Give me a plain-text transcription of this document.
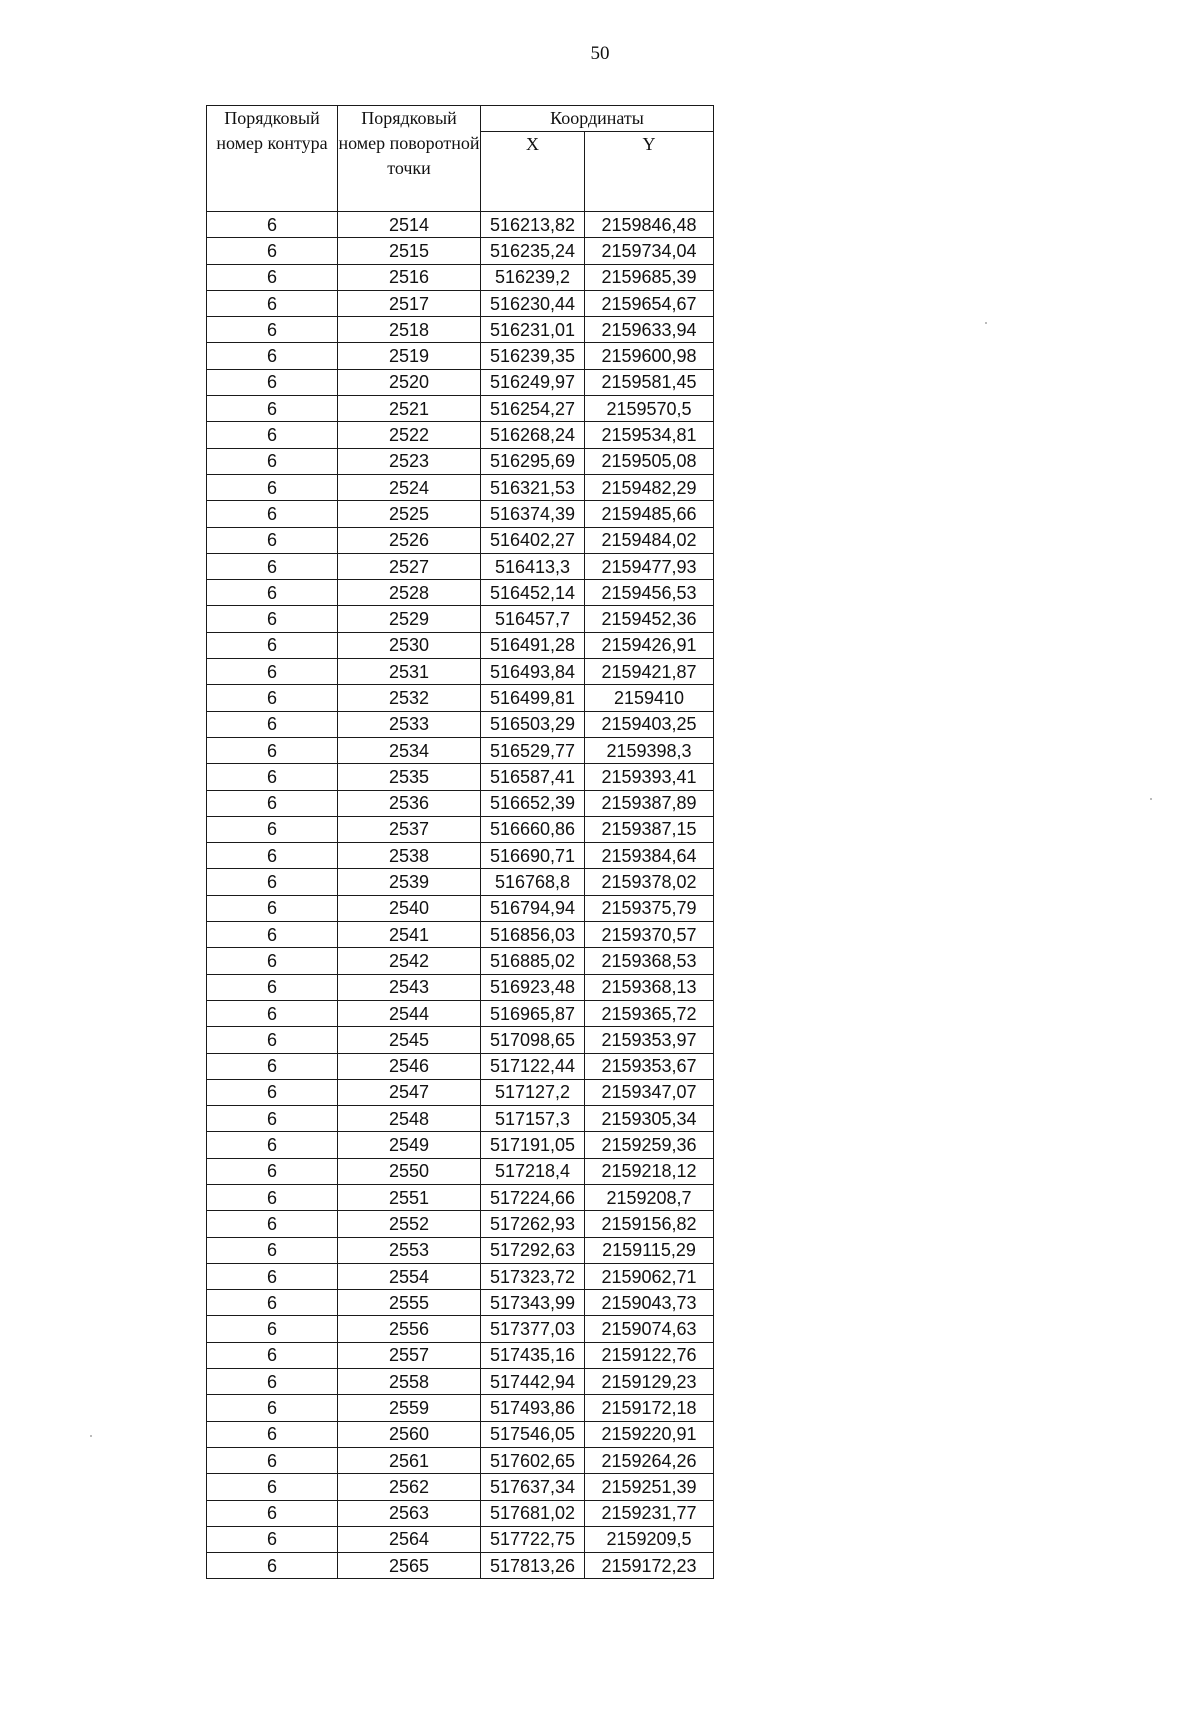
50
Порядковый номер контура	Порядковый номер поворотной точки	Координаты	
		X	Y
6	2514	516213,82	2159846,48
6	2515	516235,24	2159734,04
6	2516	516239,2	2159685,39
6	2517	516230,44	2159654,67
6	2518	516231,01	2159633,94
6	2519	516239,35	2159600,98
6	2520	516249,97	2159581,45
6	2521	516254,27	2159570,5
6	2522	516268,24	2159534,81
6	2523	516295,69	2159505,08
6	2524	516321,53	2159482,29
6	2525	516374,39	2159485,66
6	2526	516402,27	2159484,02
6	2527	516413,3	2159477,93
6	2528	516452,14	2159456,53
6	2529	516457,7	2159452,36
6	2530	516491,28	2159426,91
6	2531	516493,84	2159421,87
6	2532	516499,81	2159410
6	2533	516503,29	2159403,25
6	2534	516529,77	2159398,3
6	2535	516587,41	2159393,41
6	2536	516652,39	2159387,89
6	2537	516660,86	2159387,15
6	2538	516690,71	2159384,64
6	2539	516768,8	2159378,02
6	2540	516794,94	2159375,79
6	2541	516856,03	2159370,57
6	2542	516885,02	2159368,53
6	2543	516923,48	2159368,13
6	2544	516965,87	2159365,72
6	2545	517098,65	2159353,97
6	2546	517122,44	2159353,67
6	2547	517127,2	2159347,07
6	2548	517157,3	2159305,34
6	2549	517191,05	2159259,36
6	2550	517218,4	2159218,12
6	2551	517224,66	2159208,7
6	2552	517262,93	2159156,82
6	2553	517292,63	2159115,29
6	2554	517323,72	2159062,71
6	2555	517343,99	2159043,73
6	2556	517377,03	2159074,63
6	2557	517435,16	2159122,76
6	2558	517442,94	2159129,23
6	2559	517493,86	2159172,18
6	2560	517546,05	2159220,91
6	2561	517602,65	2159264,26
6	2562	517637,34	2159251,39
6	2563	517681,02	2159231,77
6	2564	517722,75	2159209,5
6	2565	517813,26	2159172,23
